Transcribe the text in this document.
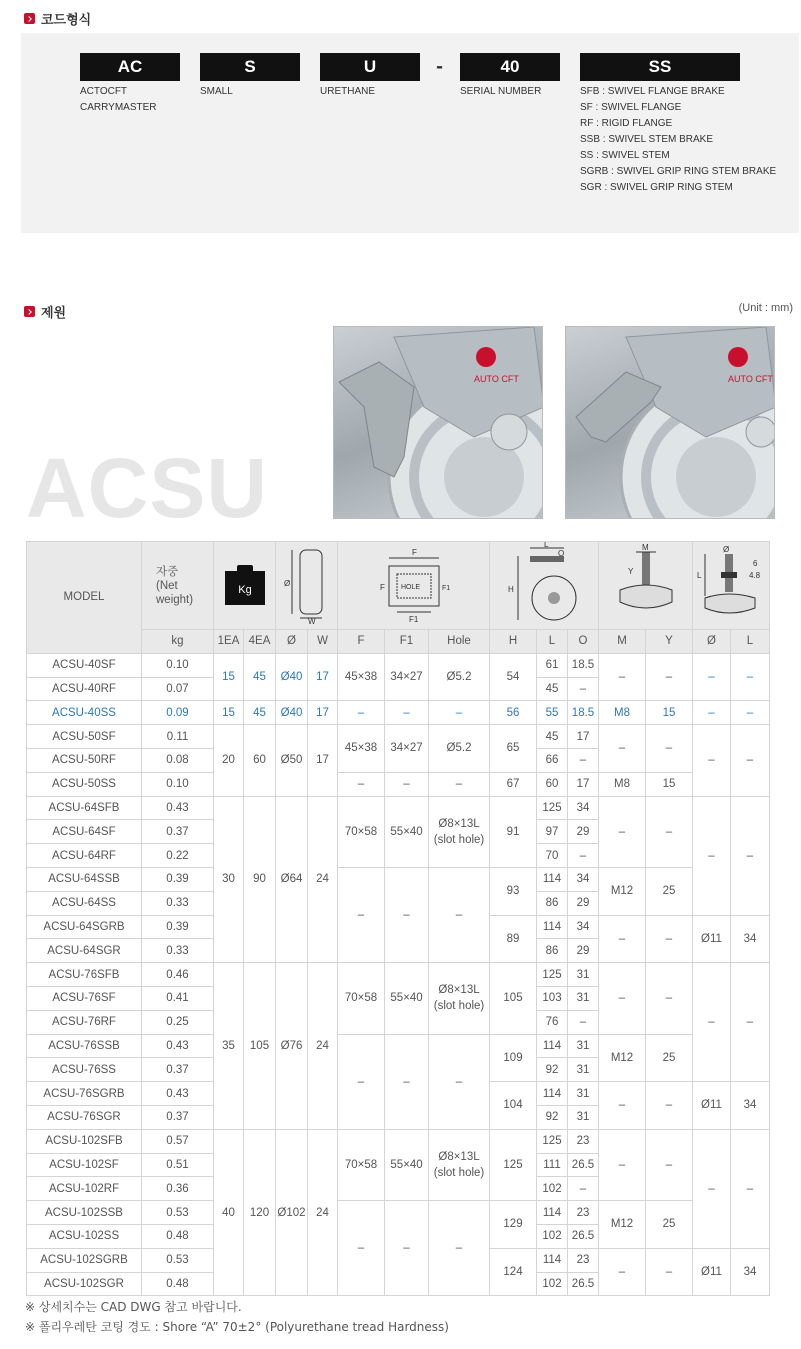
코드형식
AC
ACTOCFT
CARRYMASTER
S
SMALL
U
URETHANE
-	40
SERIAL NUMBER
SS
SFB : SWIVEL FLANGE BRAKE
SF : SWIVEL FLANGE
RF : RIGID FLANGE
SSB : SWIVEL STEM BRAKE
SS : SWIVEL STEM
SGRB : SWIVEL GRIP RING STEM BRAKE
SGR : SWIVEL GRIP RING STEM
제원	(Unit : mm)
ACSU
AUTO CFT	AUTO CFT
MODEL	자중
(Net
weight)	Kg		Ø
W		HOLE
F
F1
F F1			H
L
O			M
Y		Ø
6
4.8
L	

	kg	1EA	4EA	Ø	W	F	F1	Hole	H	L	O	M	Y	Ø	L
ACSU-40SF	0.10	15	45	Ø40	17	45×38	34×27	Ø5.2	54	61	18.5	–	–	–	–
ACSU-40RF	0.07									45	–				
ACSU-40SS	0.09	15	45	Ø40	17	–	–	–	56	55	18.5	M8	15	–	–
ACSU-50SF	0.11	20	60	Ø50	17	45×38	34×27	Ø5.2	65	45	17	–	–	–	–
ACSU-50RF	0.08									66	–				
ACSU-50SS	0.10					–	–	–	67	60	17	M8	15		
ACSU-64SFB	0.43	30	90	Ø64	24	70×58	55×40	Ø8×13L
(slot hole)	91	125	34	–	–	–	–
ACSU-64SF	0.37									97	29				
ACSU-64RF	0.22									70	–				
ACSU-64SSB	0.39					–	–	–	93	114	34	M12	25		
ACSU-64SS	0.33									86	29				
ACSU-64SGRB	0.39								89	114	34	–	–	Ø11	34
ACSU-64SGR	0.33									86	29				
ACSU-76SFB	0.46	35	105	Ø76	24	70×58	55×40	Ø8×13L
(slot hole)	105	125	31	–	–	–	–
ACSU-76SF	0.41									103	31				
ACSU-76RF	0.25									76	–				
ACSU-76SSB	0.43					–	–	–	109	114	31	M12	25		
ACSU-76SS	0.37									92	31				
ACSU-76SGRB	0.43								104	114	31	–	–	Ø11	34
ACSU-76SGR	0.37									92	31				
ACSU-102SFB	0.57	40	120	Ø102	24	70×58	55×40	Ø8×13L
(slot hole)	125	125	23	–	–	–	–
ACSU-102SF	0.51									111	26.5				
ACSU-102RF	0.36									102	–				
ACSU-102SSB	0.53					–	–	–	129	114	23	M12	25		
ACSU-102SS	0.48									102	26.5				
ACSU-102SGRB	0.53								124	114	23	–	–	Ø11	34
ACSU-102SGR	0.48									102	26.5				
※ 상세치수는 CAD DWG 참고 바랍니다.
※ 폴리우레탄 코팅 경도 : Shore “A” 70±2° (Polyurethane tread Hardness)
